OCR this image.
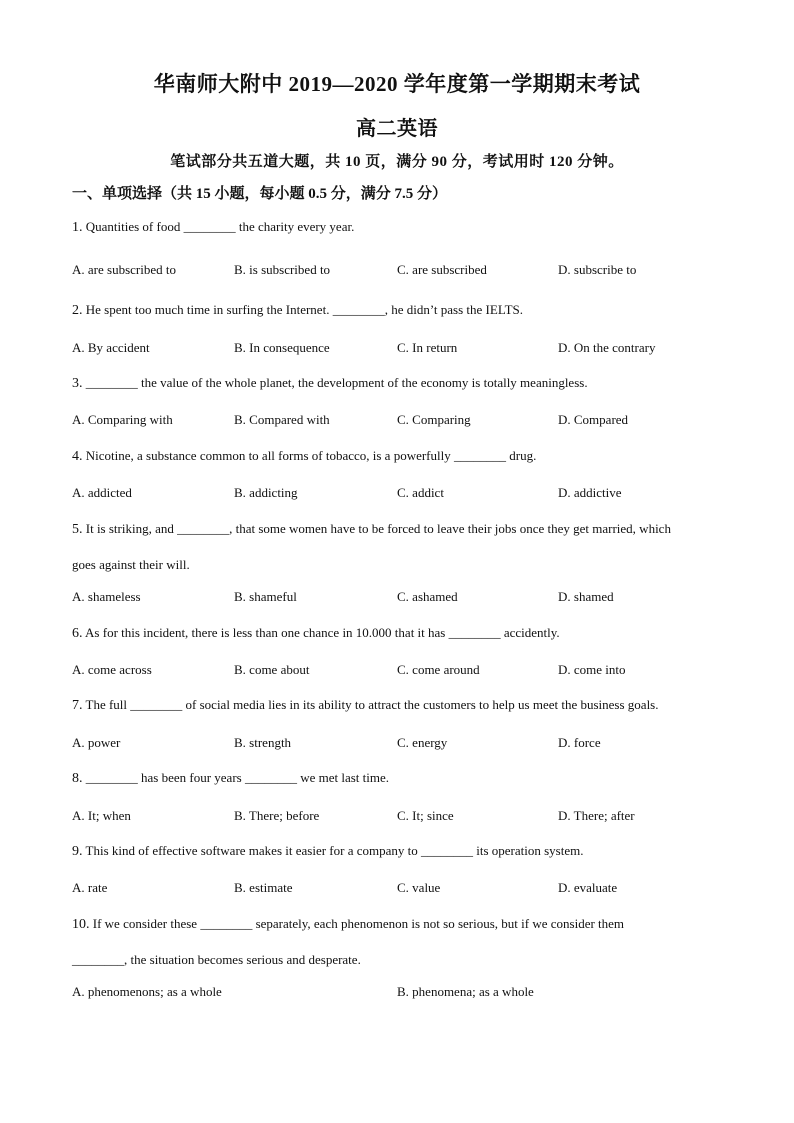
华南师大附中 2019—2020 学年度第一学期期末考试
高二英语
笔试部分共五道大题，共 10 页，满分 90 分，考试用时 120 分钟。
一、单项选择（共 15 小题，每小题 0.5 分，满分 7.5 分）
1. Quantities of food ________ the charity every year.
A. are subscribed to	B. is subscribed to	C. are subscribed	D. subscribe to
2. He spent too much time in surfing the Internet. ________, he didn’t pass the IELTS.
A. By accident	B. In consequence	C. In return	D. On the contrary
3. ________ the value of the whole planet, the development of the economy is totally meaningless.
A. Comparing with	B. Compared with	C. Comparing	D. Compared
4. Nicotine, a substance common to all forms of tobacco, is a powerfully ________ drug.
A. addicted	B. addicting	C. addict	D. addictive
5. It is striking, and ________, that some women have to be forced to leave their jobs once they get married, which
goes against their will.
A. shameless	B. shameful	C. ashamed	D. shamed
6. As for this incident, there is less than one chance in 10.000 that it has ________ accidently.
A. come across	B. come about	C. come around	D. come into
7. The full ________ of social media lies in its ability to attract the customers to help us meet the business goals.
A. power	B. strength	C. energy	D. force
8. ________ has been four years ________ we met last time.
A. It; when	B. There; before	C. It; since	D. There; after
9. This kind of effective software makes it easier for a company to ________ its operation system.
A. rate	B. estimate	C. value	D. evaluate
10. If we consider these ________ separately, each phenomenon is not so serious, but if we consider them
________, the situation becomes serious and desperate.
A. phenomenons; as a whole	B. phenomena; as a whole
